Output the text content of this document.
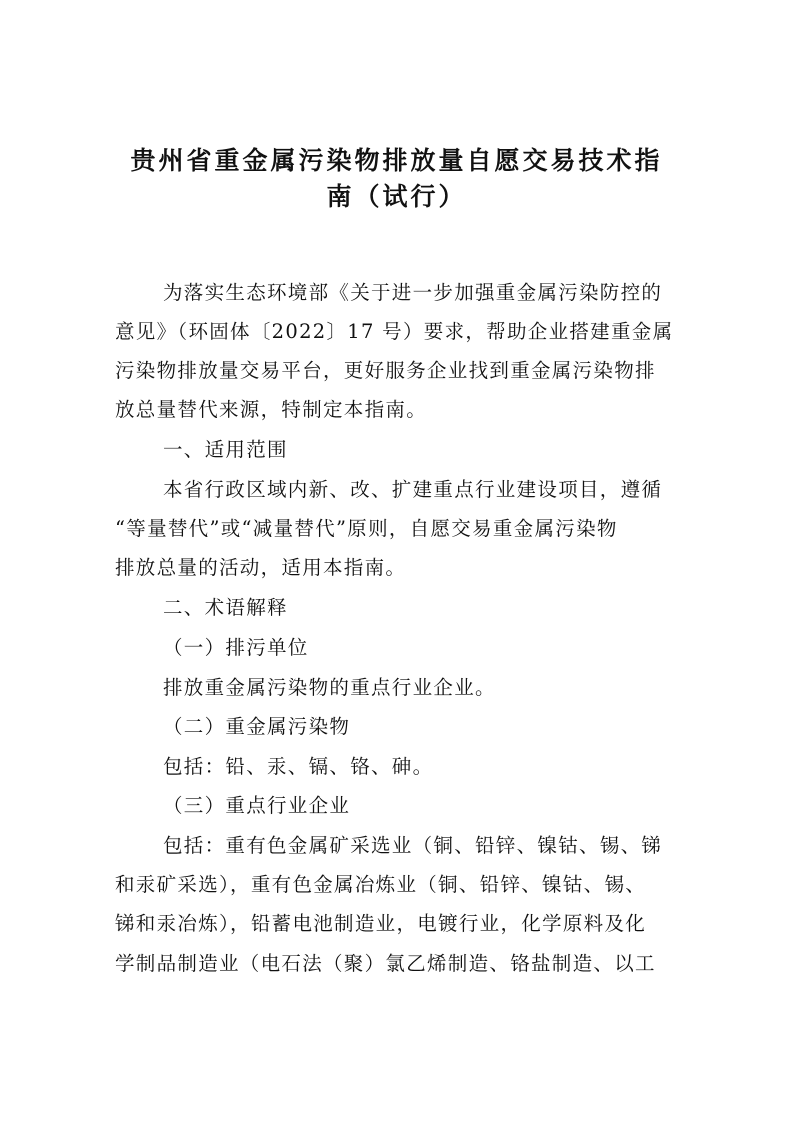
贵州省重金属污染物排放量自愿交易技术指
南（试行）
为落实生态环境部《关于进一步加强重金属污染防控的
意见》（环固体〔2022〕17 号）要求，帮助企业搭建重金属
污染物排放量交易平台，更好服务企业找到重金属污染物排
放总量替代来源，特制定本指南。
一、适用范围
本省行政区域内新、改、扩建重点行业建设项目，遵循
“等量替代”或“减量替代”原则，自愿交易重金属污染物
排放总量的活动，适用本指南。
二、术语解释
（一）排污单位
排放重金属污染物的重点行业企业。
（二）重金属污染物
包括：铅、汞、镉、铬、砷。
（三）重点行业企业
包括：重有色金属矿采选业（铜、铅锌、镍钴、锡、锑
和汞矿采选），重有色金属冶炼业（铜、铅锌、镍钴、锡、
锑和汞冶炼），铅蓄电池制造业，电镀行业，化学原料及化
学制品制造业（电石法（聚）氯乙烯制造、铬盐制造、以工
